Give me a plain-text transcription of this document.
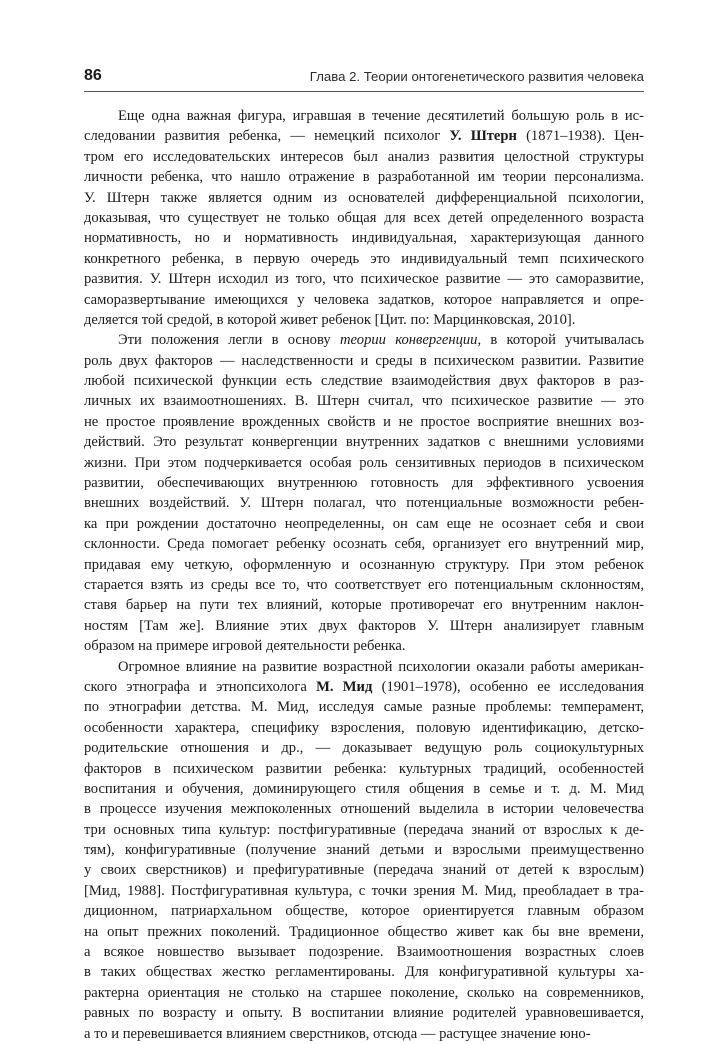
86	Глава 2. Теории онтогенетического развития человека
Еще одна важная фигура, игравшая в течение десятилетий большую роль в ис-
следовании развития ребенка, — немецкий психолог У. Штерн (1871–1938). Цен-
тром его исследовательских интересов был анализ развития целостной структуры
личности ребенка, что нашло отражение в разработанной им теории персонализма.
У. Штерн также является одним из основателей дифференциальной психологии,
доказывая, что существует не только общая для всех детей определенного возраста
нормативность, но и нормативность индивидуальная, характеризующая данного
конкретного ребенка, в первую очередь это индивидуальный темп психического
развития. У. Штерн исходил из того, что психическое развитие — это саморазвитие,
саморазвертывание имеющихся у человека задатков, которое направляется и опре-
деляется той средой, в которой живет ребенок [Цит. по: Марцинковская, 2010].
Эти положения легли в основу теории конвергенции, в которой учитывалась
роль двух факторов — наследственности и среды в психическом развитии. Развитие
любой психической функции есть следствие взаимодействия двух факторов в раз-
личных их взаимоотношениях. В. Штерн считал, что психическое развитие — это
не простое проявление врожденных свойств и не простое восприятие внешних воз-
действий. Это результат конвергенции внутренних задатков с внешними условиями
жизни. При этом подчеркивается особая роль сензитивных периодов в психическом
развитии, обеспечивающих внутреннюю готовность для эффективного усвоения
внешних воздействий. У. Штерн полагал, что потенциальные возможности ребен-
ка при рождении достаточно неопределенны, он сам еще не осознает себя и свои
склонности. Среда помогает ребенку осознать себя, организует его внутренний мир,
придавая ему четкую, оформленную и осознанную структуру. При этом ребенок
старается взять из среды все то, что соответствует его потенциальным склонностям,
ставя барьер на пути тех влияний, которые противоречат его внутренним наклон-
ностям [Там же]. Влияние этих двух факторов У. Штерн анализирует главным
образом на примере игровой деятельности ребенка.
Огромное влияние на развитие возрастной психологии оказали работы американ-
ского этнографа и этнопсихолога М. Мид (1901–1978), особенно ее исследования
по этнографии детства. М. Мид, исследуя самые разные проблемы: темперамент,
особенности характера, специфику взросления, половую идентификацию, детско-
родительские отношения и др., — доказывает ведущую роль социокультурных
факторов в психическом развитии ребенка: культурных традиций, особенностей
воспитания и обучения, доминирующего стиля общения в семье и т. д. М. Мид
в процессе изучения межпоколенных отношений выделила в истории человечества
три основных типа культур: постфигуративные (передача знаний от взрослых к де-
тям), конфигуративные (получение знаний детьми и взрослыми преимущественно
у своих сверстников) и префигуративные (передача знаний от детей к взрослым)
[Мид, 1988]. Постфигуративная культура, с точки зрения М. Мид, преобладает в тра-
диционном, патриархальном обществе, которое ориентируется главным образом
на опыт прежних поколений. Традиционное общество живет как бы вне времени,
а всякое новшество вызывает подозрение. Взаимоотношения возрастных слоев
в таких обществах жестко регламентированы. Для конфигуративной культуры ха-
рактерна ориентация не столько на старшее поколение, сколько на современников,
равных по возрасту и опыту. В воспитании влияние родителей уравновешивается,
а то и перевешивается влиянием сверстников, отсюда — растущее значение юно-
